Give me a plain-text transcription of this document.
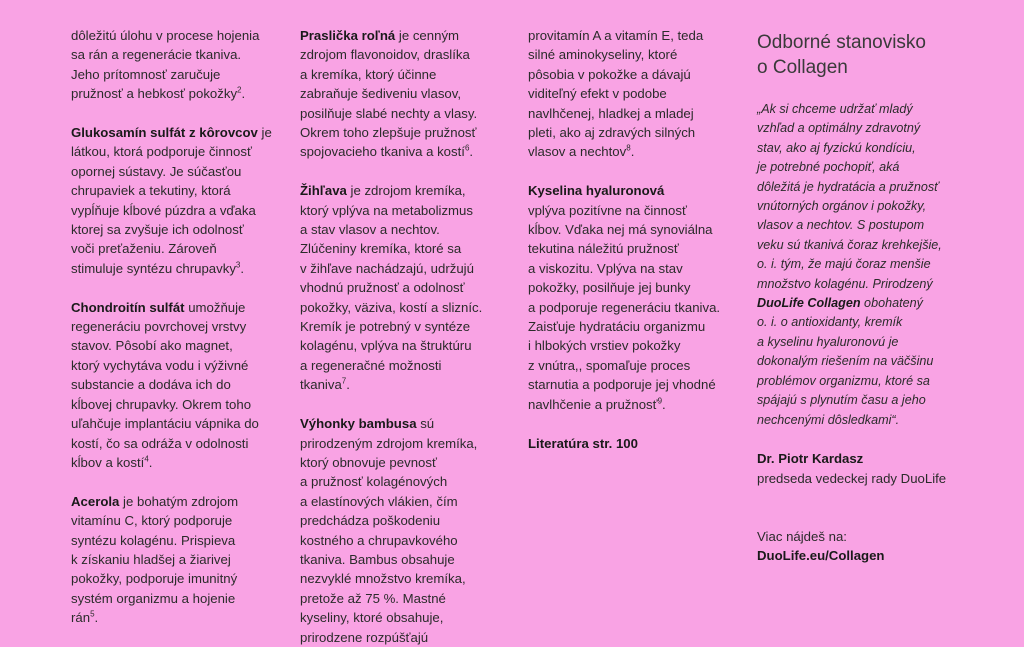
dôležitú úlohu v procese hojenia
sa rán a regenerácie tkaniva.
Jeho prítomnosť zaručuje
pružnosť a hebkosť pokožky$^2$.
Glukosamín sulfát z kôrovcov je
látkou, ktorá podporuje činnosť
opornej sústavy. Je súčasťou
chrupaviek a tekutiny, ktorá
vypĺňuje kĺbové púzdra a vďaka
ktorej sa zvyšuje ich odolnosť
voči preťaženiu. Zároveň
stimuluje syntézu chrupavky$^3$.
Chondroitín sulfát umožňuje
regeneráciu povrchovej vrstvy
stavov. Pôsobí ako magnet,
ktorý vychytáva vodu i výživné
substancie a dodáva ich do
kĺbovej chrupavky. Okrem toho
uľahčuje implantáciu vápnika do
kostí, čo sa odráža v odolnosti
kĺbov a kostí$^4$.
Acerola je bohatým zdrojom
vitamínu C, ktorý podporuje
syntézu kolagénu. Prispieva
k získaniu hladšej a žiarivej
pokožky, podporuje imunitný
systém organizmu a hojenie
rán$^5$.
Praslička roľná je cenným
zdrojom flavonoidov, draslíka
a kremíka, ktorý účinne
zabraňuje šediveniu vlasov,
posilňuje slabé nechty a vlasy.
Okrem toho zlepšuje pružnosť
spojovacieho tkaniva a kostí$^6$.
Žihľava je zdrojom kremíka,
ktorý vplýva na metabolizmus
a stav vlasov a nechtov.
Zlúčeniny kremíka, ktoré sa
v žihľave nachádzajú, udržujú
vhodnú pružnosť a odolnosť
pokožky, väziva, kostí a slizníc.
Kremík je potrebný v syntéze
kolagénu, vplýva na štruktúru
a regeneračné možnosti
tkaniva$^7$.
Výhonky bambusa sú
prirodzeným zdrojom kremíka,
ktorý obnovuje pevnosť
a pružnosť kolagénových
a elastínových vlákien, čím
predchádza poškodeniu
kostného a chrupavkového
tkaniva. Bambus obsahuje
nezvyklé množstvo kremíka,
pretože až 75 %. Mastné
kyseliny, ktoré obsahuje,
prirodzene rozpúšťajú
provitamín A a vitamín E, teda
silné aminokyseliny, ktoré
pôsobia v pokožke a dávajú
viditeľný efekt v podobe
navlhčenej, hladkej a mladej
pleti, ako aj zdravých silných
vlasov a nechtov$^8$.
Kyselina hyaluronová
vplýva pozitívne na činnosť
kĺbov. Vďaka nej má synoviálna
tekutina náležitú pružnosť
a viskozitu. Vplýva na stav
pokožky, posilňuje jej bunky
a podporuje regeneráciu tkaniva.
Zaisťuje hydratáciu organizmu
i hlbokých vrstiev pokožky
z vnútra,, spomaľuje proces
starnutia a podporuje jej vhodné
navlhčenie a pružnosť$^9$.
Literatúra str. 100
Odborné stanovisko
o Collagen
„Ak si chceme udržať mladý
vzhľad a optimálny zdravotný
stav, ako aj fyzickú kondíciu,
je potrebné pochopiť, aká
dôležitá je hydratácia a pružnosť
vnútorných orgánov i pokožky,
vlasov a nechtov. S postupom
veku sú tkanivá čoraz krehkejšie,
o. i. tým, že majú čoraz menšie
množstvo kolagénu. Prirodzený
DuoLife Collagen obohatený
o. i. o antioxidanty, kremík
a kyselinu hyaluronovú je
dokonalým riešením na väčšinu
problémov organizmu, ktoré sa
spájajú s plynutím času a jeho
nechcenými dôsledkami“.
Dr. Piotr Kardasz
predseda vedeckej rady DuoLife
Viac nájdeš na:
DuoLife.eu/Collagen
